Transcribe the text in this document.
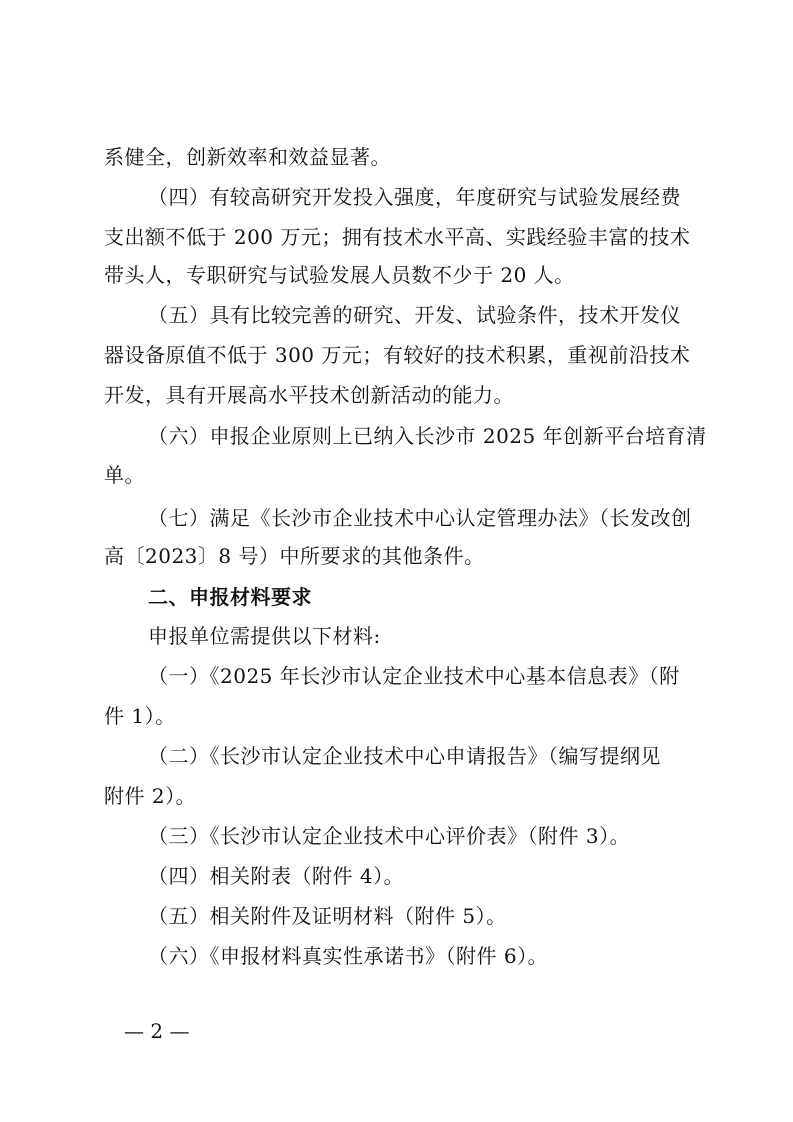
系健全，创新效率和效益显著。
（四）有较高研究开发投入强度，年度研究与试验发展经费
支出额不低于 200 万元；拥有技术水平高、实践经验丰富的技术
带头人，专职研究与试验发展人员数不少于 20 人。
（五）具有比较完善的研究、开发、试验条件，技术开发仪
器设备原值不低于 300 万元；有较好的技术积累，重视前沿技术
开发，具有开展高水平技术创新活动的能力。
（六）申报企业原则上已纳入长沙市 2025 年创新平台培育清
单。
（七）满足《长沙市企业技术中心认定管理办法》（长发改创
高〔2023〕8 号）中所要求的其他条件。
二、申报材料要求
申报单位需提供以下材料:
（一）《2025 年长沙市认定企业技术中心基本信息表》（附
件 1）。
（二）《长沙市认定企业技术中心申请报告》（编写提纲见
附件 2）。
（三）《长沙市认定企业技术中心评价表》（附件 3）。
（四）相关附表（附件 4）。
（五）相关附件及证明材料（附件 5）。
（六）《申报材料真实性承诺书》（附件 6）。
— 2 —
